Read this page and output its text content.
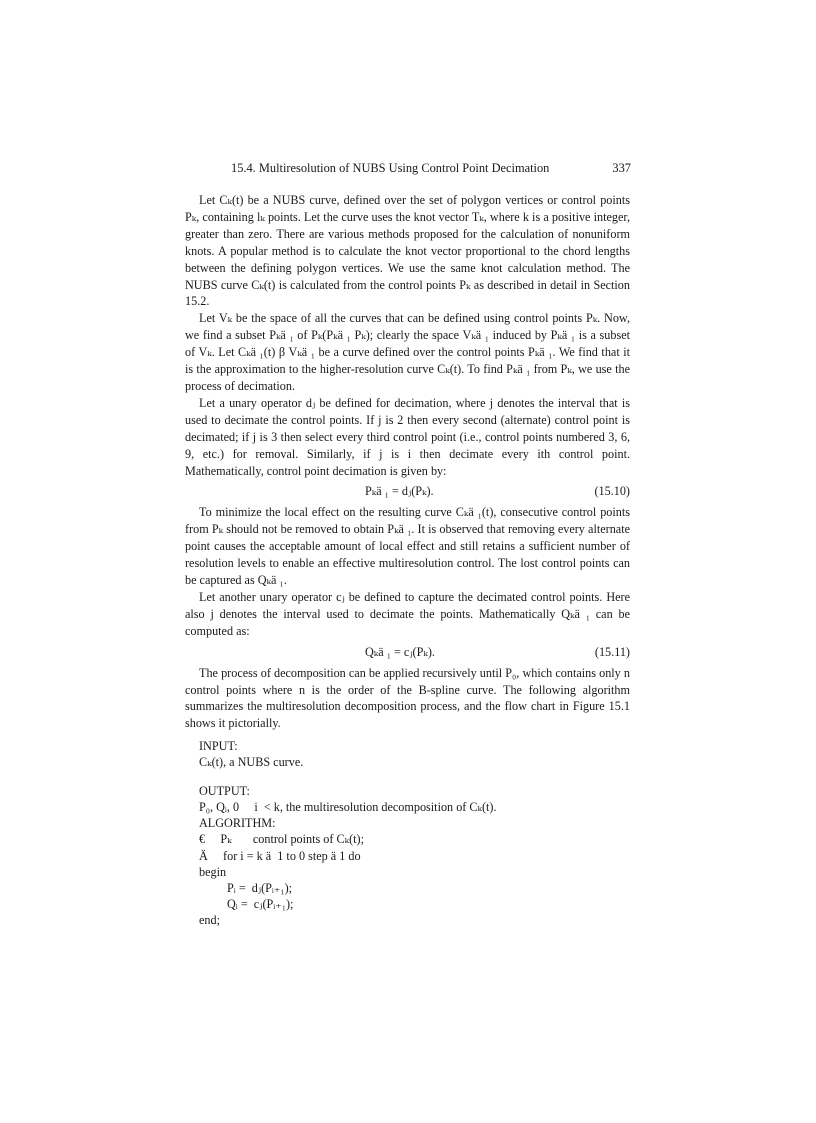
15.4. Multiresolution of NUBS Using Control Point Decimation	337

Let Cₖ(t) be a NUBS curve, defined over the set of polygon vertices or control points Pₖ, containing lₖ points. Let the curve uses the knot vector Tₖ, where k is a positive integer, greater than zero. There are various methods proposed for the calculation of nonuniform knots. A popular method is to calculate the knot vector proportional to the chord lengths between the defining polygon vertices. We use the same knot calculation method. The NUBS curve Cₖ(t) is calculated from the control points Pₖ as described in detail in Section 15.2.

Let Vₖ be the space of all the curves that can be defined using control points Pₖ. Now, we find a subset Pₖä ₁ of Pₖ(Pₖä ₁ Pₖ); clearly the space Vₖä ₁ induced by Pₖä ₁ is a subset of Vₖ. Let Cₖä ₁(t) β Vₖä ₁ be a curve defined over the control points Pₖä ₁. We find that it is the approximation to the higher-resolution curve Cₖ(t). To find Pₖä ₁ from Pₖ, we use the process of decimation.

Let a unary operator dⱼ be defined for decimation, where j denotes the interval that is used to decimate the control points. If j is 2 then every second (alternate) control point is decimated; if j is 3 then select every third control point (i.e., control points numbered 3, 6, 9, etc.) for removal. Similarly, if j is i then decimate every ith control point. Mathematically, control point decimation is given by:

Pₖä ₁ = dⱼ(Pₖ).	(15.10)

To minimize the local effect on the resulting curve Cₖä ₁(t), consecutive control points from Pₖ should not be removed to obtain Pₖä ₁. It is observed that removing every alternate point causes the acceptable amount of local effect and still retains a sufficient number of resolution levels to enable an effective multiresolution control. The lost control points can be captured as Qₖä ₁.

Let another unary operator cⱼ be defined to capture the decimated control points. Here also j denotes the interval used to decimate the points. Mathematically Qₖä ₁ can be computed as:

Qₖä ₁ = cⱼ(Pₖ).	(15.11)

The process of decomposition can be applied recursively until P₀, which contains only n control points where n is the order of the B-spline curve. The following algorithm summarizes the multiresolution decomposition process, and the flow chart in Figure 15.1 shows it pictorially.

INPUT:
Cₖ(t), a NUBS curve.
OUTPUT:
P₀, Qᵢ, 0     i  < k, the multiresolution decomposition of Cₖ(t).
ALGORITHM:
€     Pₖ       control points of Cₖ(t);
Ä     for i = k ä  1 to 0 step ä 1 do
begin
Pᵢ =  dⱼ(Pᵢ₊₁);
Qᵢ =  cⱼ(Pᵢ₊₁);
end;
